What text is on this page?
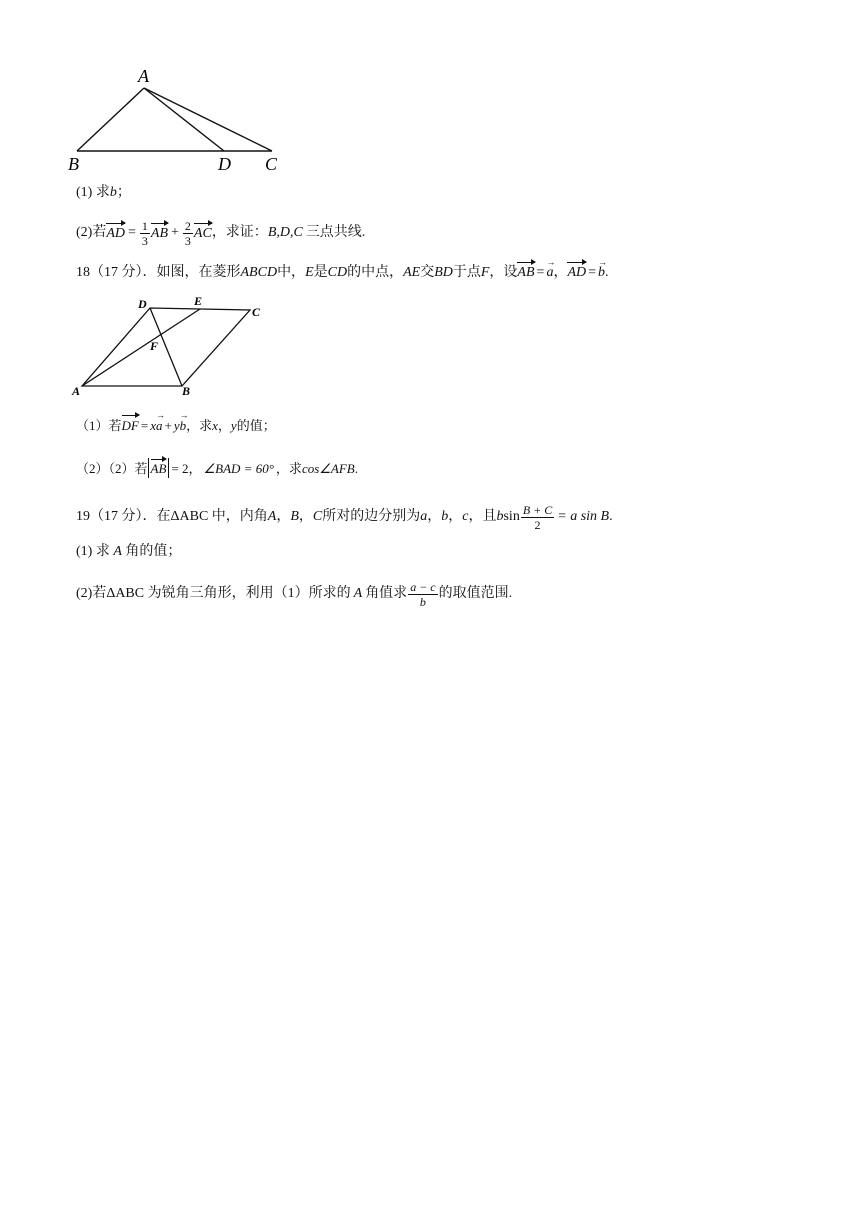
A
B	D C
(1) 求b；
(2)若 AD = $\frac{1}{3}$ AB + $\frac{2}{3}$ AC ，求证： B,D,C 三点共线.
18（17 分）．如图，在菱形ABCD中，E是CD的中点，AE交BD于点F，设AB = a →，AD = b →.
D	E
C
F
A	B
（1）若DF = xa → + yb →，求x，y的值；
（2）（2）若 AB = 2， ∠BAD = 60° ，求cos∠AFB.
19（17 分）．在ΔABC 中，内角 A ， B ， C 所对的边分别为 a ， b ， c ，且 b $\sin \frac{B + C}{2} = a$ sin B .
(1) 求 A 角的值；
(2)若ΔABC 为锐角三角形，利用（1）所求的 A 角值求 $\frac{a - c}{b}$ 的取值范围.
